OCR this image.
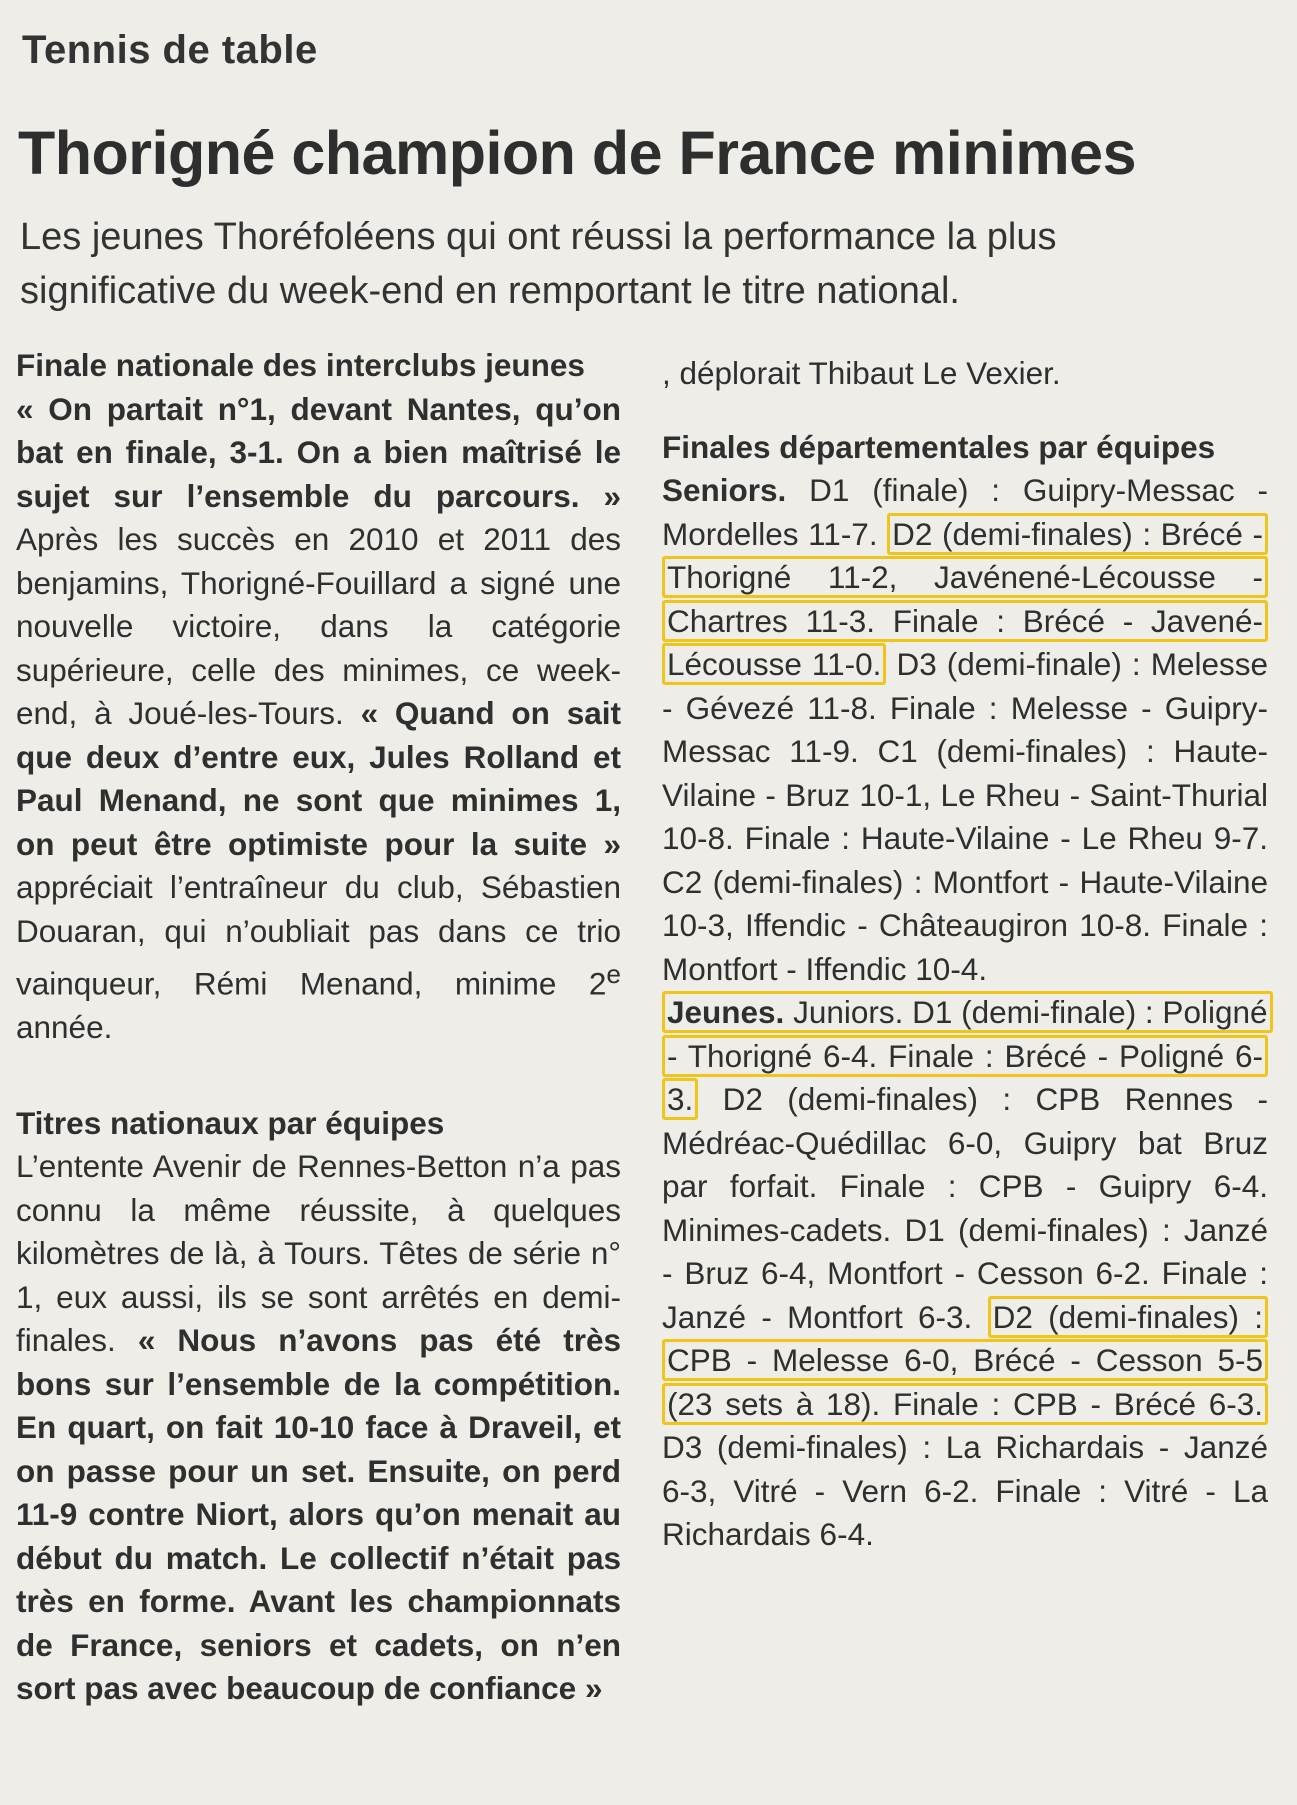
Tennis de table
Thorigné champion de France minimes
Les jeunes Thoréfoléens qui ont réussi la performance la plus significative du week-end en remportant le titre national.
Finale nationale des interclubs jeunes

« On partait n°1, devant Nantes, qu’on bat en finale, 3-1. On a bien maîtrisé le sujet sur l’ensemble du parcours. » Après les succès en 2010 et 2011 des benjamins, Thorigné-Fouillard a signé une nouvelle victoire, dans la catégorie supérieure, celle des minimes, ce week-end, à Joué-les-Tours. « Quand on sait que deux d’entre eux, Jules Rolland et Paul Menand, ne sont que minimes 1, on peut être optimiste pour la suite » appréciait l’entraîneur du club, Sébastien Douaran, qui n’oubliait pas dans ce trio vainqueur, Rémi Menand, minime 2e année.

Titres nationaux par équipes

L’entente Avenir de Rennes-Betton n’a pas connu la même réussite, à quelques kilomètres de là, à Tours. Têtes de série n° 1, eux aussi, ils se sont arrêtés en demi-finales. « Nous n’avons pas été très bons sur l’ensemble de la compétition. En quart, on fait 10-10 face à Draveil, et on passe pour un set. Ensuite, on perd 11-9 contre Niort, alors qu’on menait au début du match. Le collectif n’était pas très en forme. Avant les championnats de France, seniors et cadets, on n’en sort pas avec beaucoup de confiance »

, déplorait Thibaut Le Vexier.

Finales départementales par équipes

Seniors. D1 (finale) : Guipry-Messac - Mordelles 11-7. D2 (demi-finales) : Brécé - Thorigné 11-2, Javénené-Lécousse - Chartres 11-3. Finale : Brécé - Javené-Lécousse 11-0. D3 (demi-finale) : Melesse - Gévezé 11-8. Finale : Melesse - Guipry-Messac 11-9. C1 (demi-finales) : Haute-Vilaine - Bruz 10-1, Le Rheu - Saint-Thurial 10-8. Finale : Haute-Vilaine - Le Rheu 9-7. C2 (demi-finales) : Montfort - Haute-Vilaine 10-3, Iffendic - Châteaugiron 10-8. Finale : Montfort - Iffendic 10-4.

Jeunes. Juniors. D1 (demi-finale) : Poligné - Thorigné 6-4. Finale : Brécé - Poligné 6-3. D2 (demi-finales) : CPB Rennes - Médréac-Quédillac 6-0, Guipry bat Bruz par forfait. Finale : CPB - Guipry 6-4. Minimes-cadets. D1 (demi-finales) : Janzé - Bruz 6-4, Montfort - Cesson 6-2. Finale : Janzé - Montfort 6-3. D2 (demi-finales) : CPB - Melesse 6-0, Brécé - Cesson 5-5 (23 sets à 18). Finale : CPB - Brécé 6-3. D3 (demi-finales) : La Richardais - Janzé 6-3, Vitré - Vern 6-2. Finale : Vitré - La Richardais 6-4.
